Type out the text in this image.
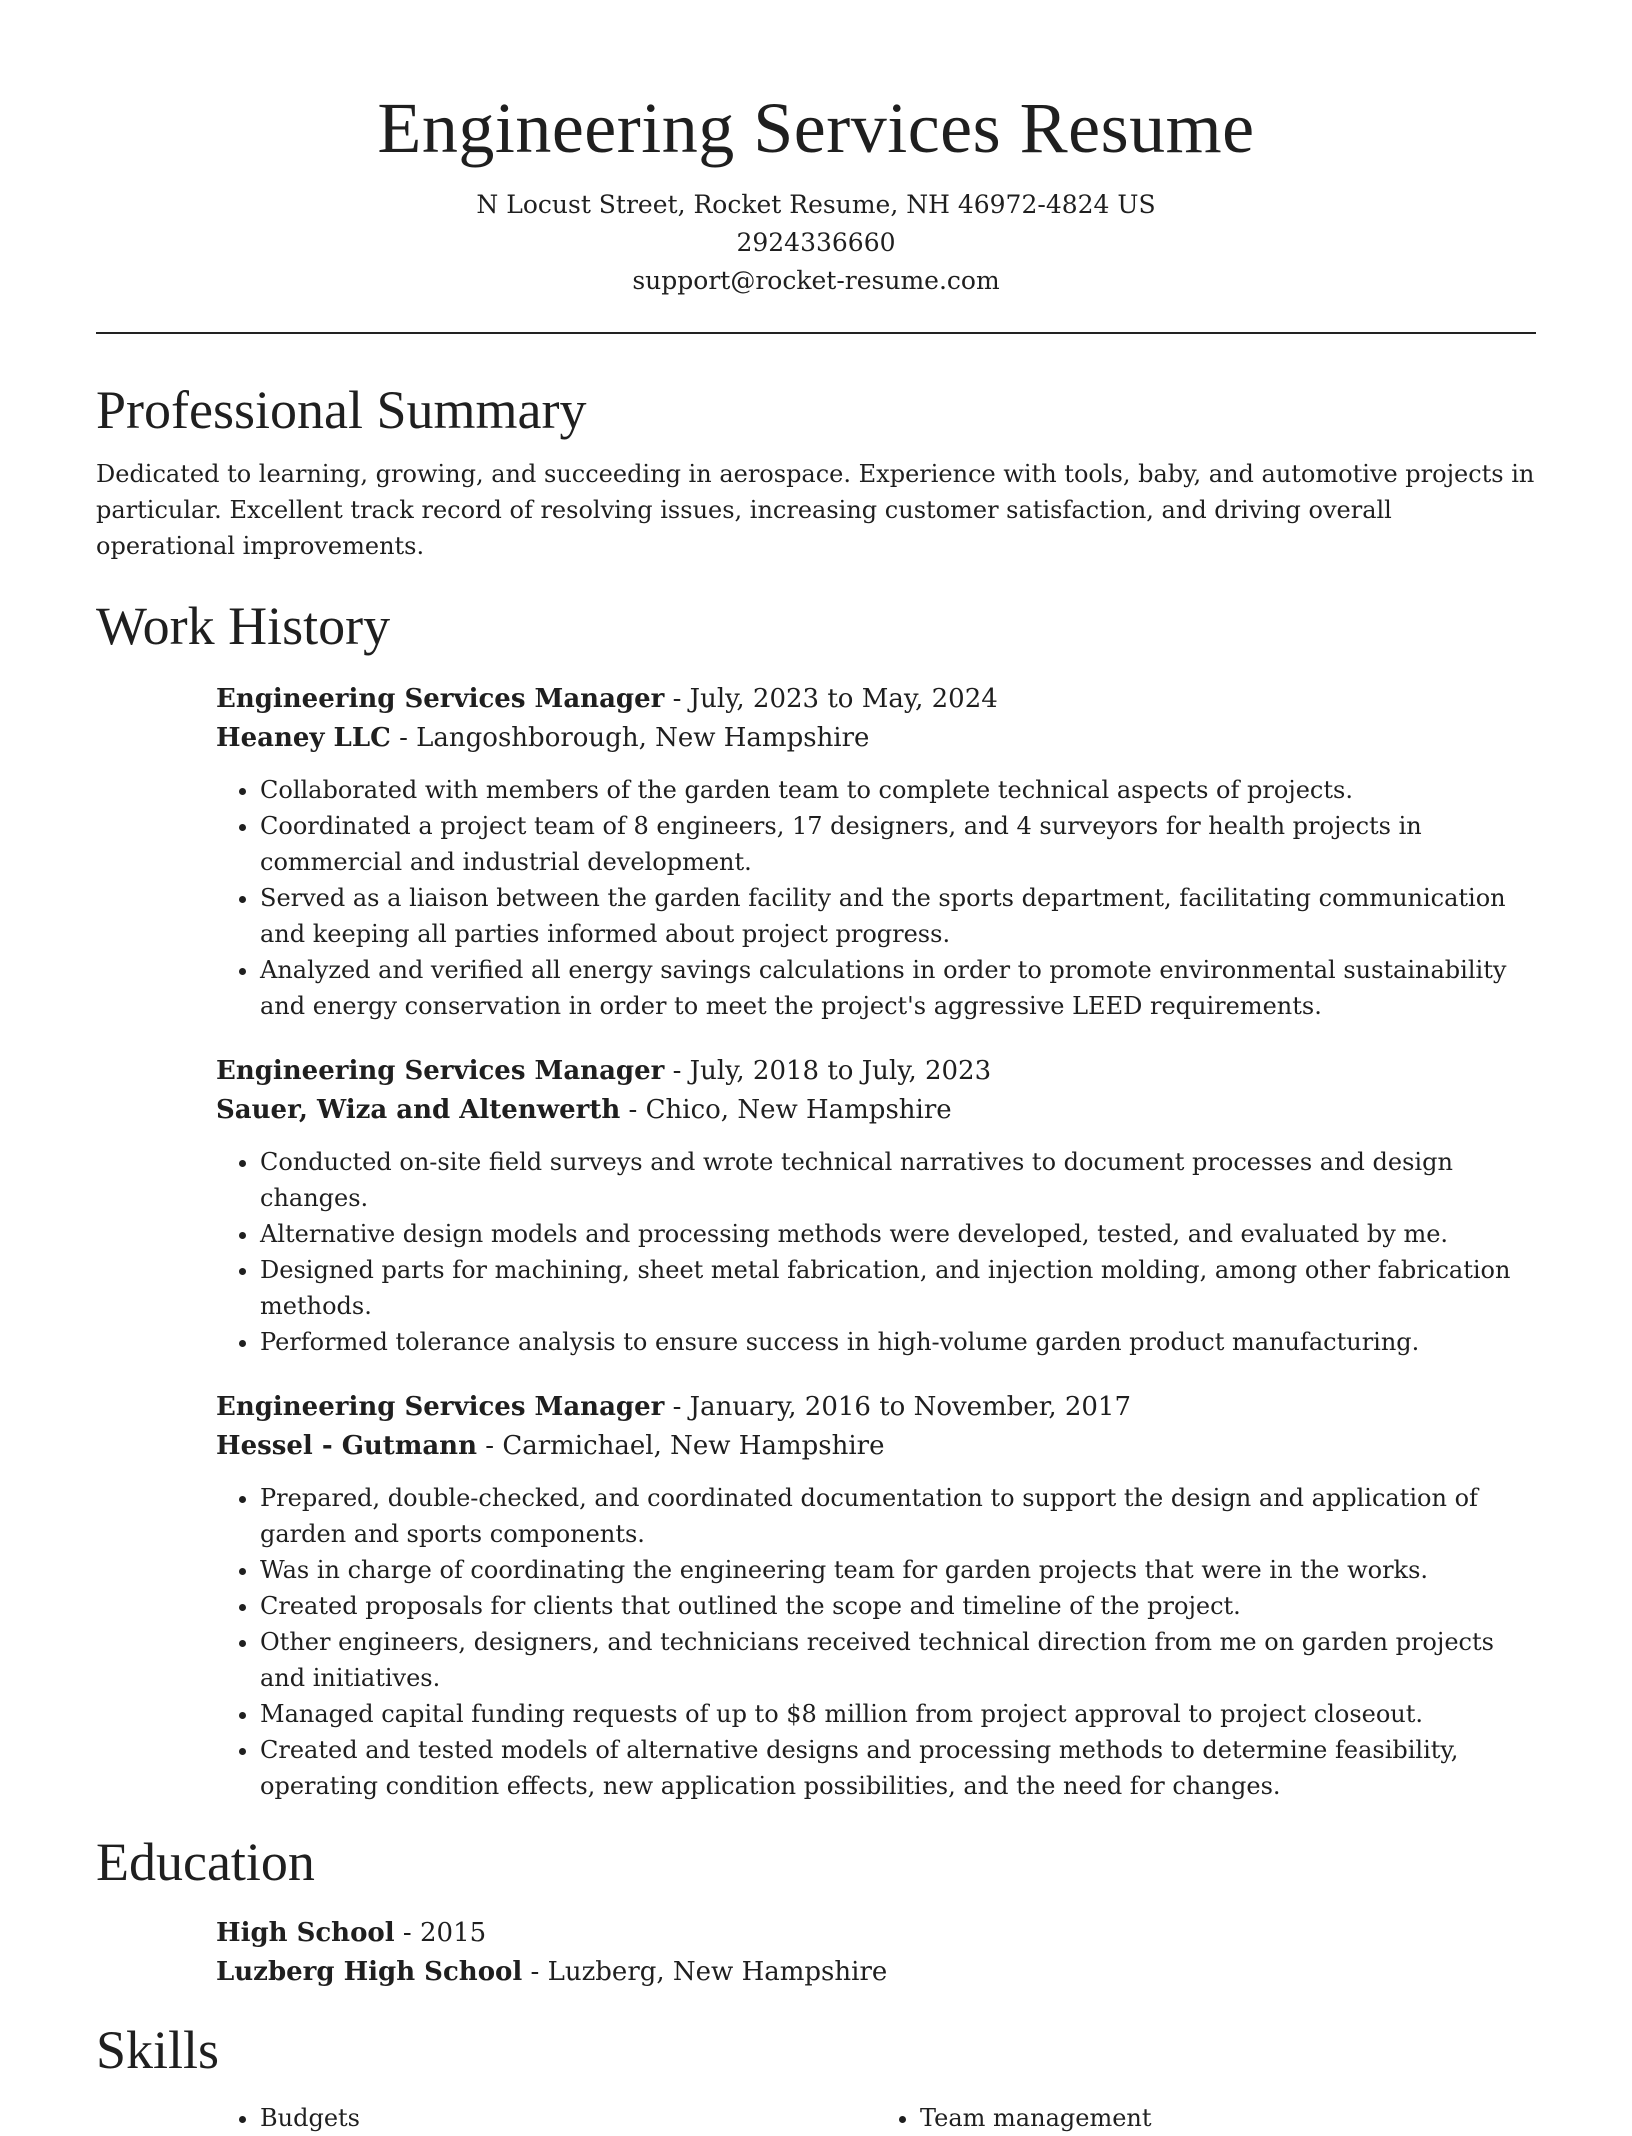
Engineering Services Resume
N Locust Street, Rocket Resume, NH 46972-4824 US
2924336660
support@rocket-resume.com
Professional Summary

Dedicated to learning, growing, and succeeding in aerospace. Experience with tools, baby, and automotive projects in particular. Excellent track record of resolving issues, increasing customer satisfaction, and driving overall operational improvements.

Work History
Engineering Services Manager - July, 2023 to May, 2024
Heaney LLC - Langoshborough, New Hampshire
• Collaborated with members of the garden team to complete technical aspects of projects.
• Coordinated a project team of 8 engineers, 17 designers, and 4 surveyors for health projects in commercial and industrial development.
• Served as a liaison between the garden facility and the sports department, facilitating communication and keeping all parties informed about project progress.
• Analyzed and verified all energy savings calculations in order to promote environmental sustainability and energy conservation in order to meet the project's aggressive LEED requirements.
Engineering Services Manager - July, 2018 to July, 2023
Sauer, Wiza and Altenwerth - Chico, New Hampshire
• Conducted on-site field surveys and wrote technical narratives to document processes and design changes.
• Alternative design models and processing methods were developed, tested, and evaluated by me.
• Designed parts for machining, sheet metal fabrication, and injection molding, among other fabrication methods.
• Performed tolerance analysis to ensure success in high-volume garden product manufacturing.
Engineering Services Manager - January, 2016 to November, 2017
Hessel - Gutmann - Carmichael, New Hampshire
• Prepared, double-checked, and coordinated documentation to support the design and application of garden and sports components.
• Was in charge of coordinating the engineering team for garden projects that were in the works.
• Created proposals for clients that outlined the scope and timeline of the project.
• Other engineers, designers, and technicians received technical direction from me on garden projects and initiatives.
• Managed capital funding requests of up to $8 million from project approval to project closeout.
• Created and tested models of alternative designs and processing methods to determine feasibility, operating condition effects, new application possibilities, and the need for changes.
Education
High School - 2015
Luzberg High School - Luzberg, New Hampshire
Skills
• Budgets
•	Team management
